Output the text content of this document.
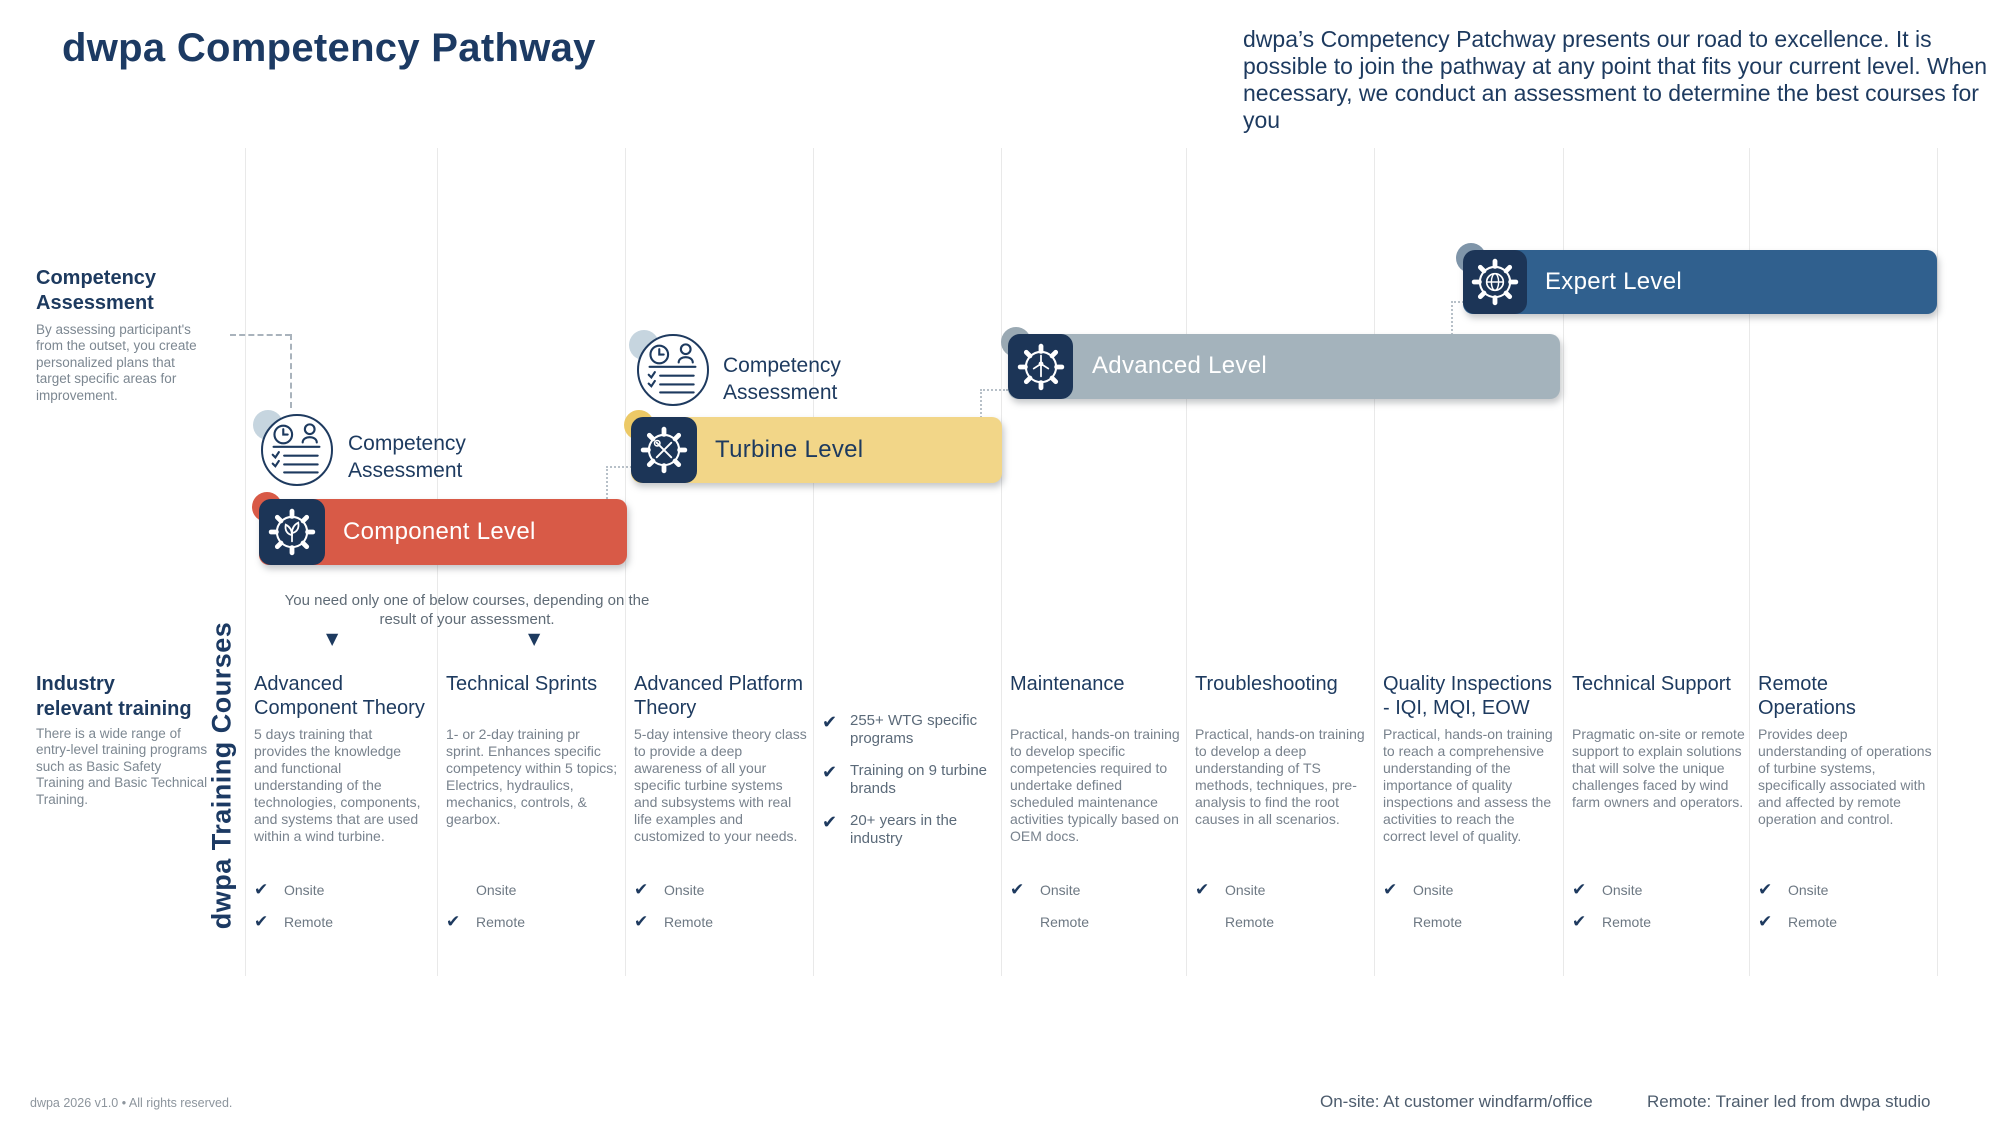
dwpa Competency Pathway	dwpa’s Competency Patchway presents our road to excellence. It is possible to join the pathway at any point that fits your current level. When necessary, we conduct an assessment to determine the best courses for you

Competency Assessment

By assessing participant's from the outset, you create personalized plans that target specific areas for improvement.

Competency Assessment
Competency Assessment
Component Level
Turbine Level
Advanced Level
Expert Level

You need only one of below courses, depending on the result of your assessment.

▼	▼
dwpa Training Courses
Industry relevant training

There is a wide range of entry-level training programs such as Basic Safety Training and Basic Technical Training.

✔ 255+ WTG specific programs
✔ Training on 9 turbine brands
✔ 20+ years in the industry
Advanced Component Theory
5 days training that provides the knowledge and functional understanding of the technologies, components, and systems that are used within a wind turbine.
✔ Onsite
✔ Remote
Technical Sprints
1- or 2-day training pr sprint. Enhances specific competency within 5 topics; Electrics, hydraulics, mechanics, controls, & gearbox.
Onsite
✔ Remote
Advanced Platform Theory
5-day intensive theory class to provide a deep awareness of all your specific turbine systems and subsystems with real life examples and customized to your needs.
✔ Onsite
✔ Remote
Maintenance
Practical, hands-on training to develop specific competencies required to undertake defined scheduled maintenance activities typically based on OEM docs.
✔ Onsite
Remote
Troubleshooting
Practical, hands-on training to develop a deep understanding of TS methods, techniques, pre-analysis to find the root causes in all scenarios.
✔ Onsite
Remote
Quality Inspections - IQI, MQI, EOW
Practical, hands-on training to reach a comprehensive understanding of the importance of quality inspections and assess the activities to reach the correct level of quality.
✔ Onsite
Remote
Technical Support
Pragmatic on-site or remote support to explain solutions that will solve the unique challenges faced by wind farm owners and operators.
✔ Onsite
✔ Remote
Remote Operations
Provides deep understanding of operations of turbine systems, specifically associated with and affected by remote operation and control.
✔ Onsite
✔ Remote
dwpa 2026 v1.0 • All rights reserved.	On-site: At customer windfarm/office	Remote: Trainer led from dwpa studio
